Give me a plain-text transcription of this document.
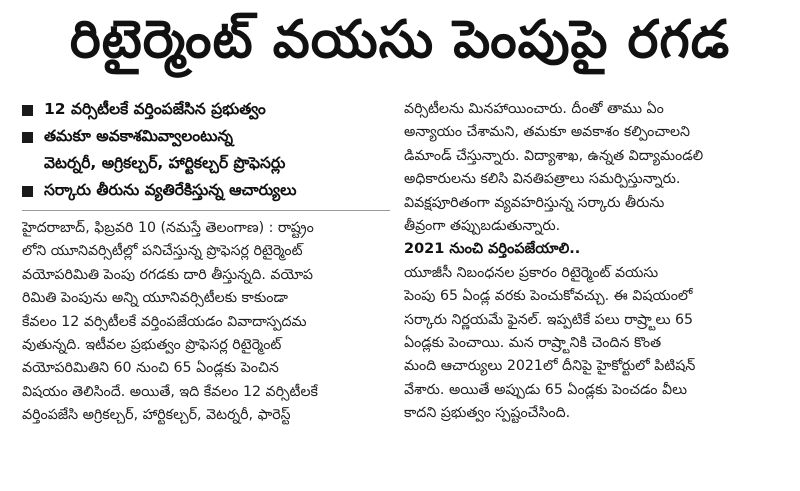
రిటైర్మెంట్ వయసు పెంపుపై రగడ
12 వర్సిటీలకే వర్తింపజేసిన ప్రభుత్వం
తమకూ అవకాశమివ్వాలంటున్న
వెటర్నరీ, అగ్రికల్చర్, హార్టికల్చర్ ప్రొఫెసర్లు
సర్కారు తీరును వ్యతిరేకిస్తున్న ఆచార్యులు
హైదరాబాద్, ఫిబ్రవరి 10 (నమస్తే తెలంగాణ) : రాష్ట్రం
లోని యూనివర్సిటీల్లో పనిచేస్తున్న ప్రొఫెసర్ల రిటైర్మెంట్
వయోపరిమితి పెంపు రగడకు దారి తీస్తున్నది. వయోప
రిమితి పెంపును అన్ని యూనివర్సిటీలకు కాకుండా
కేవలం 12 వర్సిటీలకే వర్తింపజేయడం వివాదాస్పదమ
వుతున్నది. ఇటీవల ప్రభుత్వం ప్రొఫెసర్ల రిటైర్మెంట్
వయోపరిమితిని 60 నుంచి 65 ఏండ్లకు పెంచిన
విషయం తెలిసిందే. అయితే, ఇది కేవలం 12 వర్సిటీలకే
వర్తింపజేసి అగ్రికల్చర్, హార్టికల్చర్, వెటర్నరీ, ఫారెస్ట్
వర్సిటీలను మినహాయించారు. దీంతో తాము ఏం
అన్యాయం చేశామని, తమకూ అవకాశం కల్పించాలని
డిమాండ్ చేస్తున్నారు. విద్యాశాఖ, ఉన్నత విద్యామండలి
అధికారులను కలిసి వినతిపత్రాలు సమర్పిస్తున్నారు.
వివక్షపూరితంగా వ్యవహరిస్తున్న సర్కారు తీరును
తీవ్రంగా తప్పుబడుతున్నారు.
2021 నుంచి వర్తింపజేయాలి..
యూజీసీ నిబంధనల ప్రకారం రిటైర్మెంట్ వయసు
పెంపు 65 ఏండ్ల వరకు పెంచుకోవచ్చు. ఈ విషయంలో
సర్కారు నిర్ణయమే ఫైనల్. ఇప్పటికే పలు రాష్ర్టాలు 65
ఏండ్లకు పెంచాయి. మన రాష్ర్టానికి చెందిన కొంత
మంది ఆచార్యులు 2021లో దీనిపై హైకోర్టులో పిటిషన్
వేశారు. అయితే అప్పుడు 65 ఏండ్లకు పెంచడం వీలు
కాదని ప్రభుత్వం స్పష్టంచేసింది.
